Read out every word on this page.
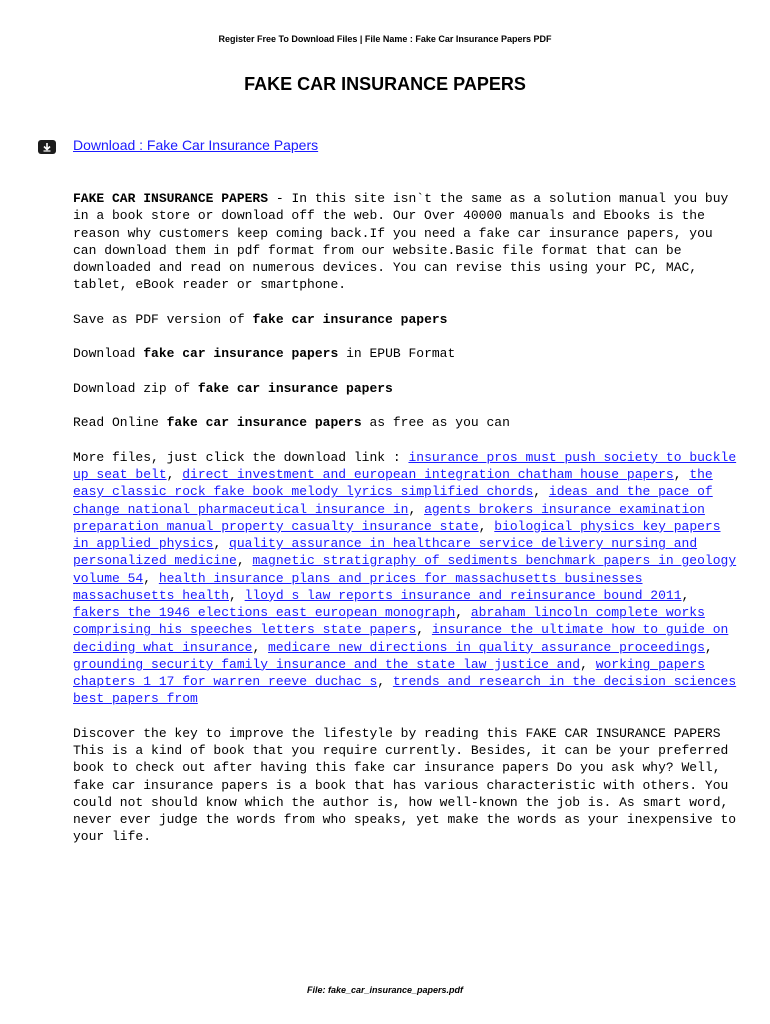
Register Free To Download Files | File Name : Fake Car Insurance Papers PDF
FAKE CAR INSURANCE PAPERS
Download : Fake Car Insurance Papers

FAKE CAR INSURANCE PAPERS - In this site isn`t the same as a solution manual you buy in a book store or download off the web. Our Over 40000 manuals and Ebooks is the reason why customers keep coming back.If you need a fake car insurance papers, you can download them in pdf format from our website.Basic file format that can be downloaded and read on numerous devices. You can revise this using your PC, MAC, tablet, eBook reader or smartphone.

Save as PDF version of fake car insurance papers

Download fake car insurance papers in EPUB Format

Download zip of fake car insurance papers

Read Online fake car insurance papers as free as you can

More files, just click the download link : insurance pros must push society to buckle up seat belt, direct investment and european integration chatham house papers, the easy classic rock fake book melody lyrics simplified chords, ideas and the pace of change national pharmaceutical insurance in, agents brokers insurance examination preparation manual property casualty insurance state, biological physics key papers in applied physics, quality assurance in healthcare service delivery nursing and personalized medicine, magnetic stratigraphy of sediments benchmark papers in geology volume 54, health insurance plans and prices for massachusetts businesses massachusetts health, lloyd s law reports insurance and reinsurance bound 2011, fakers the 1946 elections east european monograph, abraham lincoln complete works comprising his speeches letters state papers, insurance the ultimate how to guide on deciding what insurance, medicare new directions in quality assurance proceedings, grounding security family insurance and the state law justice and, working papers chapters 1 17 for warren reeve duchac s, trends and research in the decision sciences best papers from

Discover the key to improve the lifestyle by reading this FAKE CAR INSURANCE PAPERS This is a kind of book that you require currently. Besides, it can be your preferred book to check out after having this fake car insurance papers Do you ask why? Well, fake car insurance papers is a book that has various characteristic with others. You could not should know which the author is, how well-known the job is. As smart word, never ever judge the words from who speaks, yet make the words as your inexpensive to your life.

File: fake_car_insurance_papers.pdf
